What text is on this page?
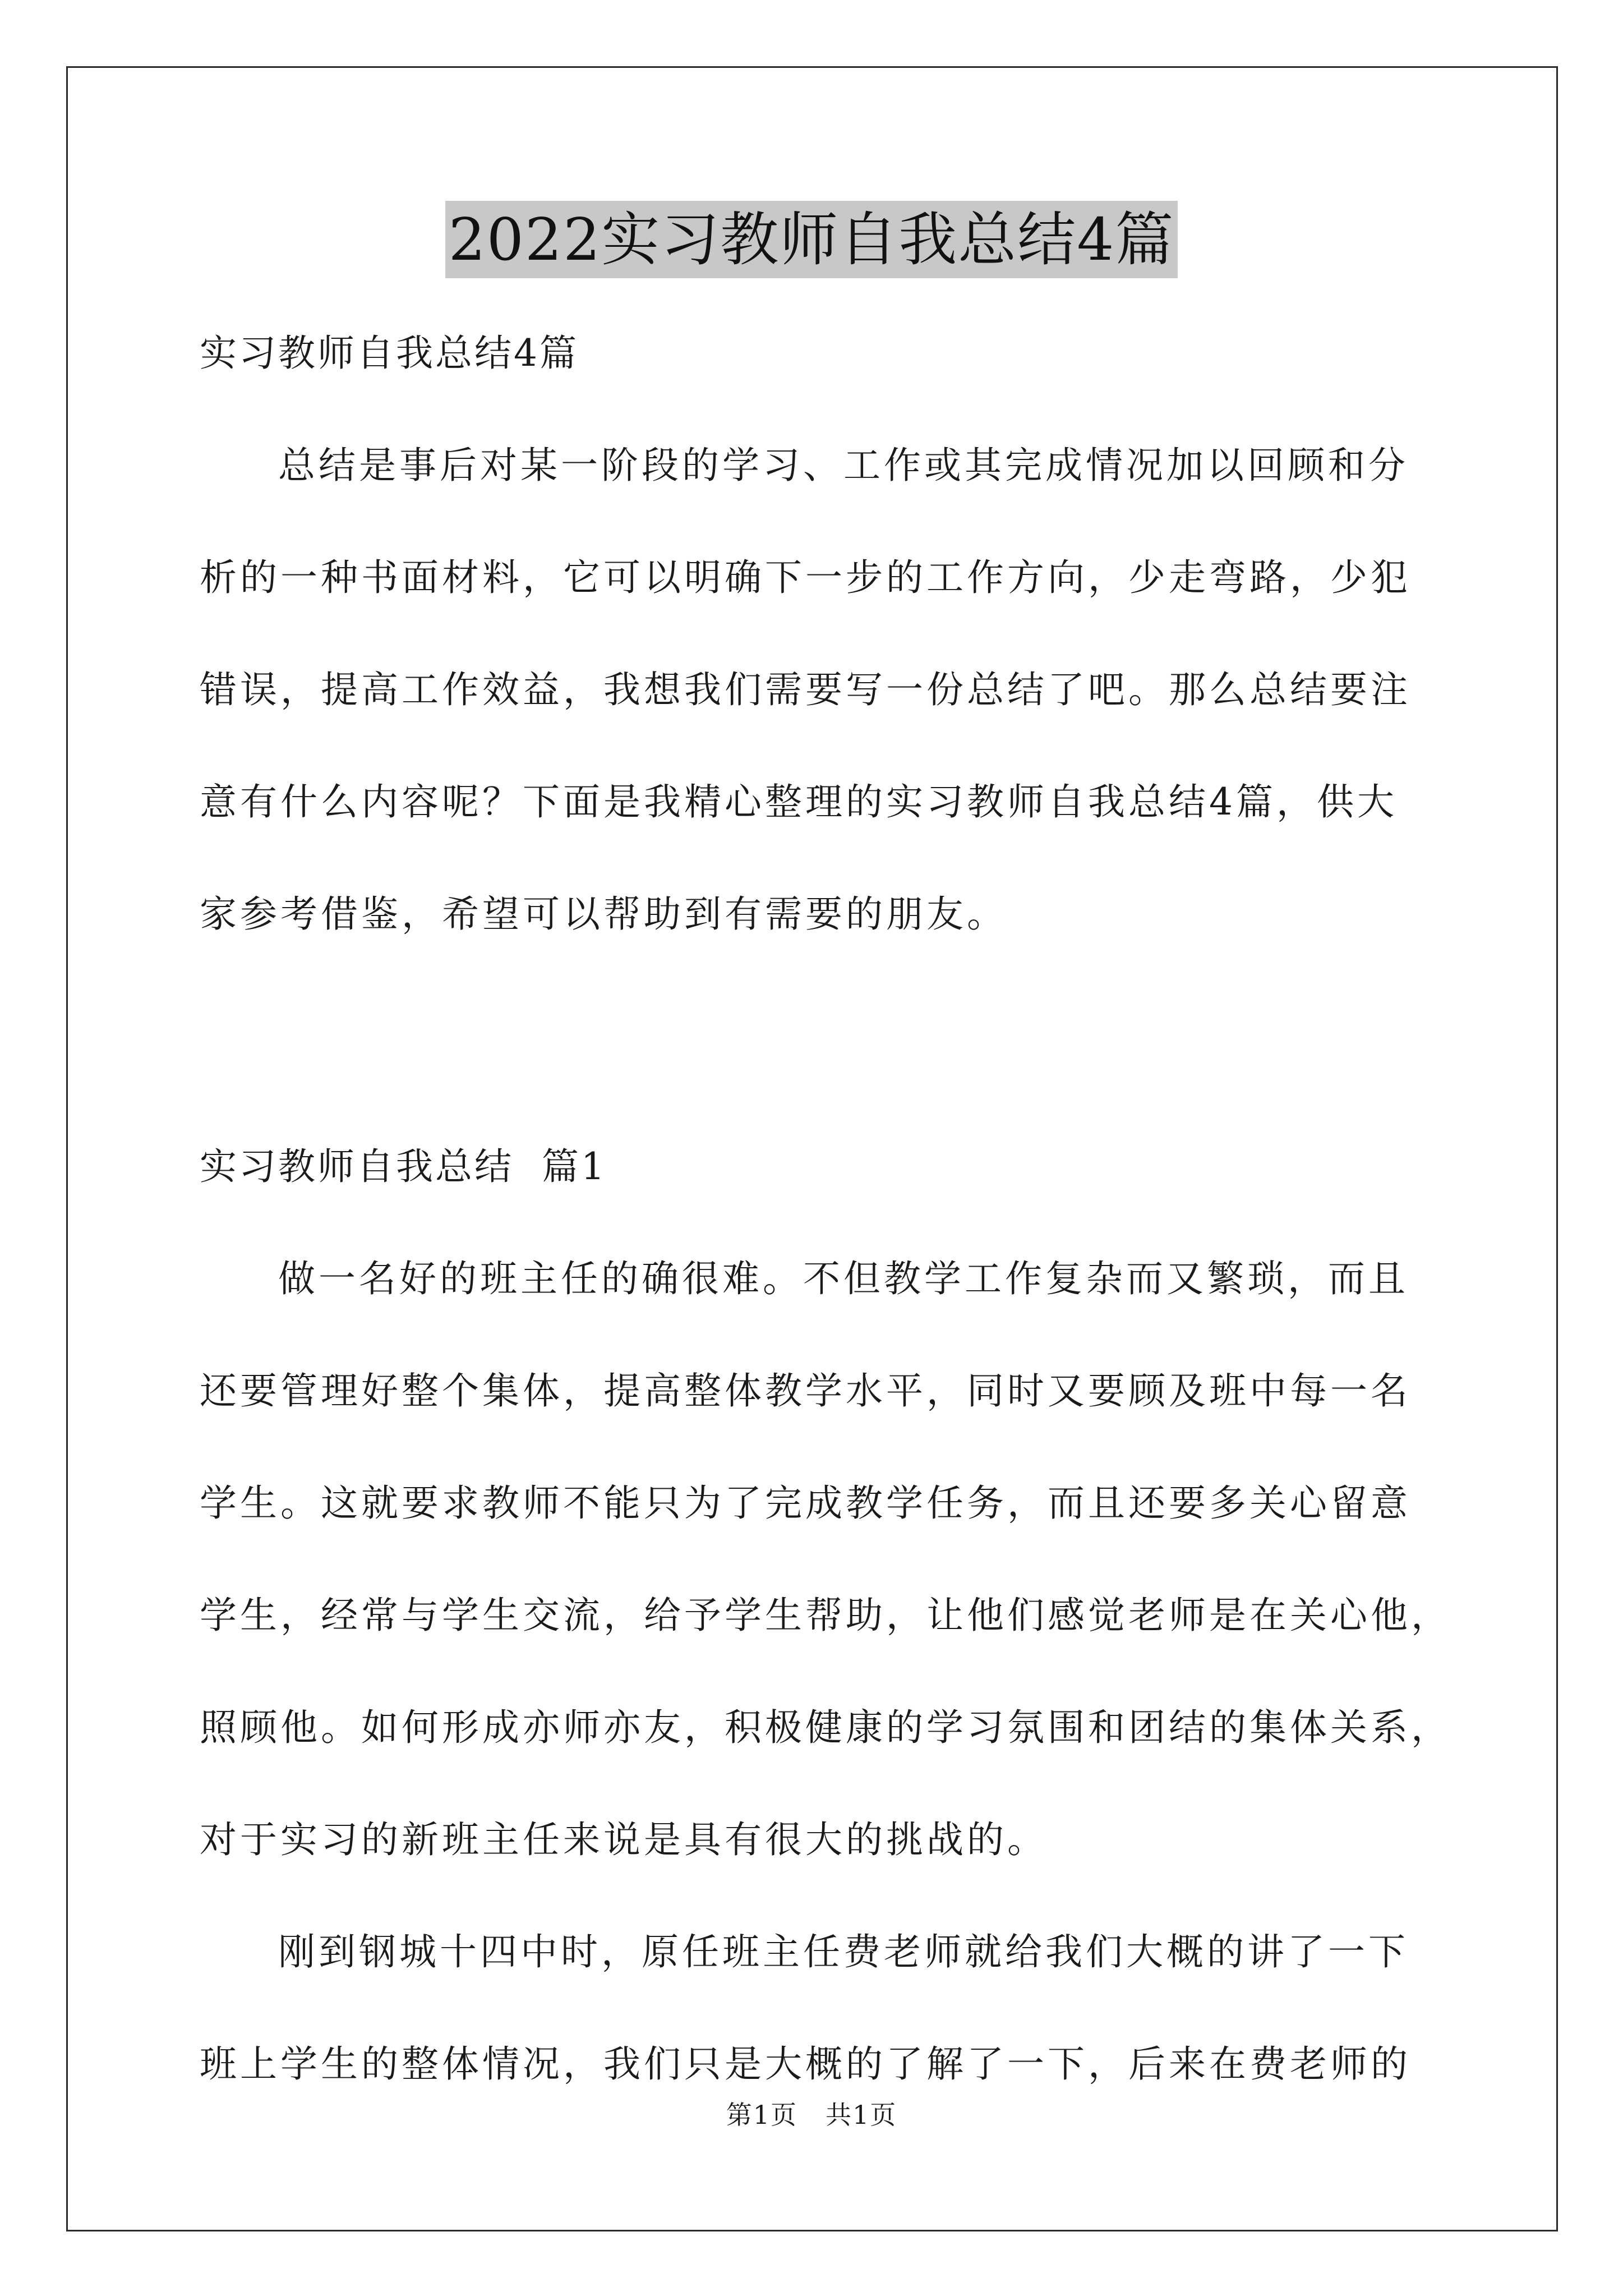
2022实习教师自我总结4篇
实习教师自我总结4篇
总结是事后对某一阶段的学习、工作或其完成情况加以回顾和分
析的一种书面材料，它可以明确下一步的工作方向，少走弯路，少犯
错误，提高工作效益，我想我们需要写一份总结了吧。那么总结要注
意有什么内容呢？下面是我精心整理的实习教师自我总结4篇，供大
家参考借鉴，希望可以帮助到有需要的朋友。
实习教师自我总结  篇1
做一名好的班主任的确很难。不但教学工作复杂而又繁琐，而且
还要管理好整个集体，提高整体教学水平，同时又要顾及班中每一名
学生。这就要求教师不能只为了完成教学任务，而且还要多关心留意
学生，经常与学生交流，给予学生帮助，让他们感觉老师是在关心他，
照顾他。如何形成亦师亦友，积极健康的学习氛围和团结的集体关系，
对于实习的新班主任来说是具有很大的挑战的。
刚到钢城十四中时，原任班主任费老师就给我们大概的讲了一下
班上学生的整体情况，我们只是大概的了解了一下，后来在费老师的
第1页 共1页
